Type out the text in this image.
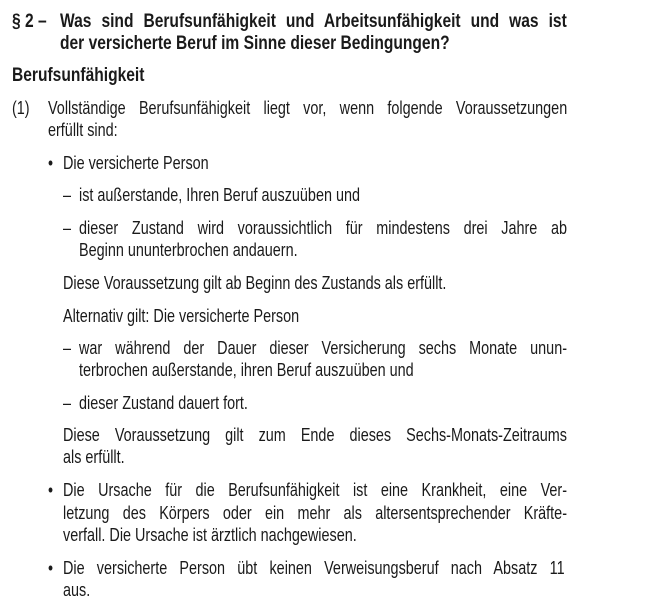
§ 2 – Was sind Berufsunfähigkeit und Arbeitsunfähigkeit und was ist
der versicherte Beruf im Sinne dieser Bedingungen?
Berufsunfähigkeit
(1) Vollständige Berufsunfähigkeit liegt vor, wenn folgende Voraussetzungen
erfüllt sind:
• Die versicherte Person
– ist außerstande, Ihren Beruf auszuüben und
– dieser Zustand wird voraussichtlich für mindestens drei Jahre ab
Beginn ununterbrochen andauern.
Diese Voraussetzung gilt ab Beginn des Zustands als erfüllt.
Alternativ gilt: Die versicherte Person
– war während der Dauer dieser Versicherung sechs Monate unun-
terbrochen außerstande, ihren Beruf auszuüben und
– dieser Zustand dauert fort.
Diese Voraussetzung gilt zum Ende dieses Sechs-Monats-Zeitraums
als erfüllt.
• Die Ursache für die Berufsunfähigkeit ist eine Krankheit, eine Ver-
letzung des Körpers oder ein mehr als altersentsprechender Kräfte-
verfall. Die Ursache ist ärztlich nachgewiesen.
• Die versicherte Person übt keinen Verweisungsberuf nach Absatz 11
aus.
